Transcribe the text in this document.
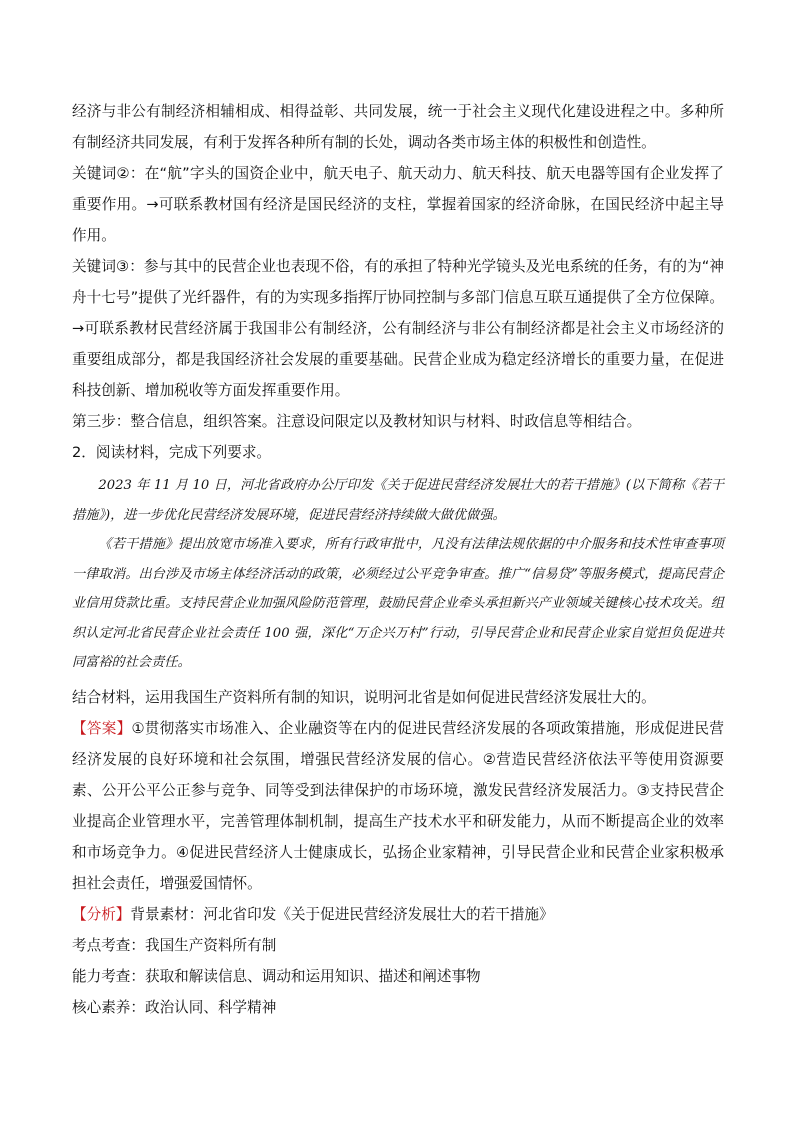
经济与非公有制经济相辅相成、相得益彰、共同发展，统一于社会主义现代化建设进程之中。多种所有制经济共同发展，有利于发挥各种所有制的长处，调动各类市场主体的积极性和创造性。

关键词②：在“航”字头的国资企业中，航天电子、航天动力、航天科技、航天电器等国有企业发挥了重要作用。→可联系教材国有经济是国民经济的支柱，掌握着国家的经济命脉，在国民经济中起主导作用。

关键词③：参与其中的民营企业也表现不俗，有的承担了特种光学镜头及光电系统的任务，有的为“神舟十七号”提供了光纤器件，有的为实现多指挥厅协同控制与多部门信息互联互通提供了全方位保障。→可联系教材民营经济属于我国非公有制经济，公有制经济与非公有制经济都是社会主义市场经济的重要组成部分，都是我国经济社会发展的重要基础。民营企业成为稳定经济增长的重要力量，在促进科技创新、增加税收等方面发挥重要作用。

第三步：整合信息，组织答案。注意设问限定以及教材知识与材料、时政信息等相结合。

2．阅读材料，完成下列要求。

2023 年 11 月 10 日，河北省政府办公厅印发《关于促进民营经济发展壮大的若干措施》(以下简称《若干措施》)，进一步优化民营经济发展环境，促进民营经济持续做大做优做强。

《若干措施》提出放宽市场准入要求，所有行政审批中，凡没有法律法规依据的中介服务和技术性审查事项一律取消。出台涉及市场主体经济活动的政策，必须经过公平竞争审查。推广“信易贷”等服务模式，提高民营企业信用贷款比重。支持民营企业加强风险防范管理，鼓励民营企业牵头承担新兴产业领域关键核心技术攻关。组织认定河北省民营企业社会责任 100 强，深化“万企兴万村”行动，引导民营企业和民营企业家自觉担负促进共同富裕的社会责任。

结合材料，运用我国生产资料所有制的知识，说明河北省是如何促进民营经济发展壮大的。

【答案】①贯彻落实市场准入、企业融资等在内的促进民营经济发展的各项政策措施，形成促进民营经济发展的良好环境和社会氛围，增强民营经济发展的信心。②营造民营经济依法平等使用资源要素、公开公平公正参与竞争、同等受到法律保护的市场环境，激发民营经济发展活力。③支持民营企业提高企业管理水平，完善管理体制机制，提高生产技术水平和研发能力，从而不断提高企业的效率和市场竞争力。④促进民营经济人士健康成长，弘扬企业家精神，引导民营企业和民营企业家积极承担社会责任，增强爱国情怀。

【分析】背景素材：河北省印发《关于促进民营经济发展壮大的若干措施》

考点考查：我国生产资料所有制

能力考查：获取和解读信息、调动和运用知识、描述和阐述事物

核心素养：政治认同、科学精神
